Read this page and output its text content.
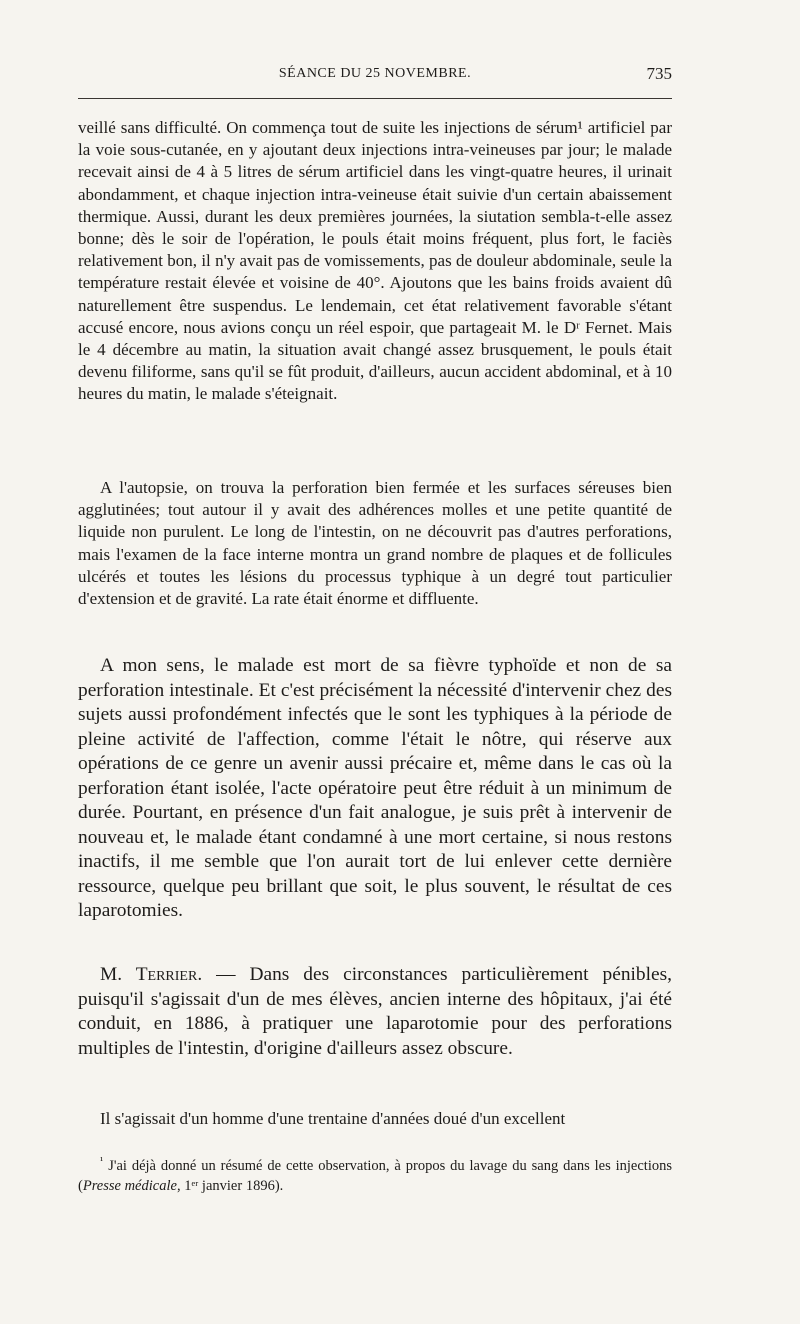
SÉANCE DU 25 NOVEMBRE.	735

veillé sans difficulté. On commença tout de suite les injections de sérum¹ artificiel par la voie sous-cutanée, en y ajoutant deux injections intra-veineuses par jour; le malade recevait ainsi de 4 à 5 litres de sérum artificiel dans les vingt-quatre heures, il urinait abondamment, et chaque injection intra-veineuse était suivie d'un certain abaissement thermique. Aussi, durant les deux premières journées, la siutation sembla-t-elle assez bonne; dès le soir de l'opération, le pouls était moins fréquent, plus fort, le faciès relativement bon, il n'y avait pas de vomissements, pas de douleur abdominale, seule la température restait élevée et voisine de 40°. Ajoutons que les bains froids avaient dû naturellement être suspendus. Le lendemain, cet état relativement favorable s'étant accusé encore, nous avions conçu un réel espoir, que partageait M. le Dʳ Fernet. Mais le 4 décembre au matin, la situation avait changé assez brusquement, le pouls était devenu filiforme, sans qu'il se fût produit, d'ailleurs, aucun accident abdominal, et à 10 heures du matin, le malade s'éteignait.

A l'autopsie, on trouva la perforation bien fermée et les surfaces séreuses bien agglutinées; tout autour il y avait des adhérences molles et une petite quantité de liquide non purulent. Le long de l'intestin, on ne découvrit pas d'autres perforations, mais l'examen de la face interne montra un grand nombre de plaques et de follicules ulcérés et toutes les lésions du processus typhique à un degré tout particulier d'extension et de gravité. La rate était énorme et diffluente.

A mon sens, le malade est mort de sa fièvre typhoïde et non de sa perforation intestinale. Et c'est précisément la nécessité d'intervenir chez des sujets aussi profondément infectés que le sont les typhiques à la période de pleine activité de l'affection, comme l'était le nôtre, qui réserve aux opérations de ce genre un avenir aussi précaire et, même dans le cas où la perforation étant isolée, l'acte opératoire peut être réduit à un minimum de durée. Pourtant, en présence d'un fait analogue, je suis prêt à intervenir de nouveau et, le malade étant condamné à une mort certaine, si nous restons inactifs, il me semble que l'on aurait tort de lui enlever cette dernière ressource, quelque peu brillant que soit, le plus souvent, le résultat de ces laparotomies.

M. Terrier. — Dans des circonstances particulièrement pénibles, puisqu'il s'agissait d'un de mes élèves, ancien interne des hôpitaux, j'ai été conduit, en 1886, à pratiquer une laparotomie pour des perforations multiples de l'intestin, d'origine d'ailleurs assez obscure.

Il s'agissait d'un homme d'une trentaine d'années doué d'un excellent

$^{^1}$ J'ai déjà donné un résumé de cette observation, à propos du lavage du sang dans les injections (Presse médicale, 1ᵉʳ janvier 1896).
